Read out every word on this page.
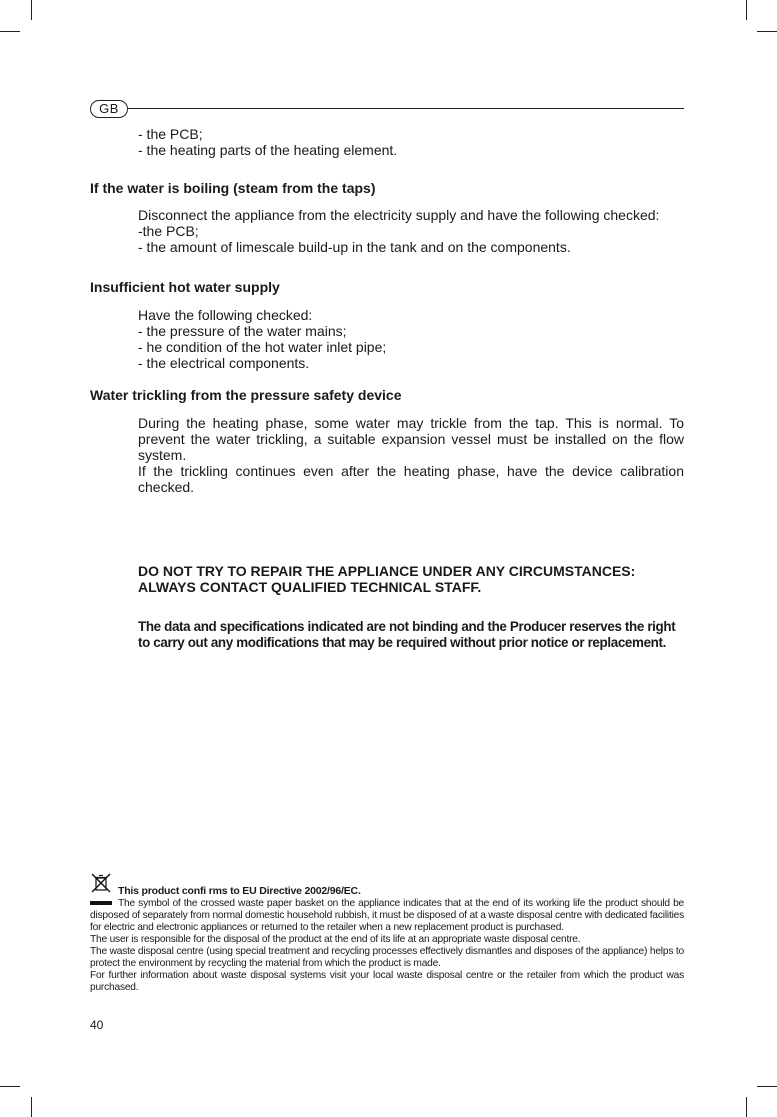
GB
- the PCB;
- the heating parts of the heating element.
If the water is boiling (steam from the taps)
Disconnect the appliance from the electricity supply and have the following checked:
-the PCB;
- the amount of limescale build-up in the tank and on the components.
Insufficient hot water supply
Have the following checked:
- the pressure of the water mains;
- he condition of the hot water inlet pipe;
- the electrical components.
Water trickling from the pressure safety device
During the heating phase, some water may trickle from the tap. This is normal. To prevent the water trickling, a suitable expansion vessel must be installed on the flow system.
If the trickling continues even after the heating phase, have the device calibration checked.
DO NOT TRY TO REPAIR THE APPLIANCE UNDER ANY CIRCUMSTANCES: ALWAYS CONTACT QUALIFIED TECHNICAL STAFF.
The data and specifications indicated are not binding and the Producer reserves the right to carry out any modifications that may be required without prior notice or replacement.
This product confi rms to EU Directive 2002/96/EC.

The symbol of the crossed waste paper basket on the appliance indicates that at the end of its working life the product should be disposed of separately from normal domestic household rubbish, it must be disposed of at a waste disposal centre with dedicated facilities for electric and electronic appliances or returned to the retailer when a new replacement product is purchased.

The user is responsible for the disposal of the product at the end of its life at an appropriate waste disposal centre.

The waste disposal centre (using special treatment and recycling processes effectively dismantles and disposes of the appliance) helps to protect the environment by recycling the material from which the product is made.

For further information about waste disposal systems visit your local waste disposal centre or the retailer from which the product was purchased.

40
